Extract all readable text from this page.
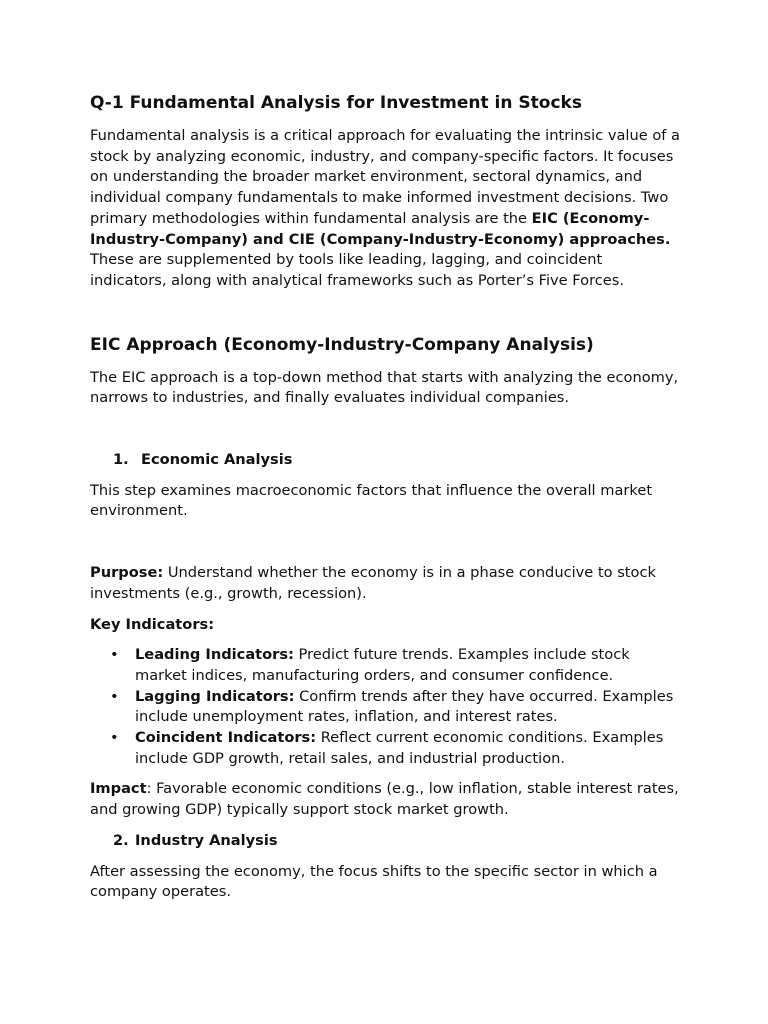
Q-1 Fundamental Analysis for Investment in Stocks

Fundamental analysis is a critical approach for evaluating the intrinsic value of a stock by analyzing economic, industry, and company-specific factors. It focuses on understanding the broader market environment, sectoral dynamics, and individual company fundamentals to make informed investment decisions. Two primary methodologies within fundamental analysis are the EIC (Economy-Industry-Company) and CIE (Company-Industry-Economy) approaches. These are supplemented by tools like leading, lagging, and coincident indicators, along with analytical frameworks such as Porter’s Five Forces.

EIC Approach (Economy-Industry-Company Analysis)

The EIC approach is a top-down method that starts with analyzing the economy, narrows to industries, and finally evaluates individual companies.

1. Economic Analysis

This step examines macroeconomic factors that influence the overall market environment.

Purpose: Understand whether the economy is in a phase conducive to stock investments (e.g., growth, recession).

Key Indicators:

• Leading Indicators: Predict future trends. Examples include stock market indices, manufacturing orders, and consumer confidence.
• Lagging Indicators: Confirm trends after they have occurred. Examples include unemployment rates, inflation, and interest rates.
• Coincident Indicators: Reflect current economic conditions. Examples include GDP growth, retail sales, and industrial production.

Impact: Favorable economic conditions (e.g., low inflation, stable interest rates, and growing GDP) typically support stock market growth.

2. Industry Analysis

After assessing the economy, the focus shifts to the specific sector in which a company operates.
